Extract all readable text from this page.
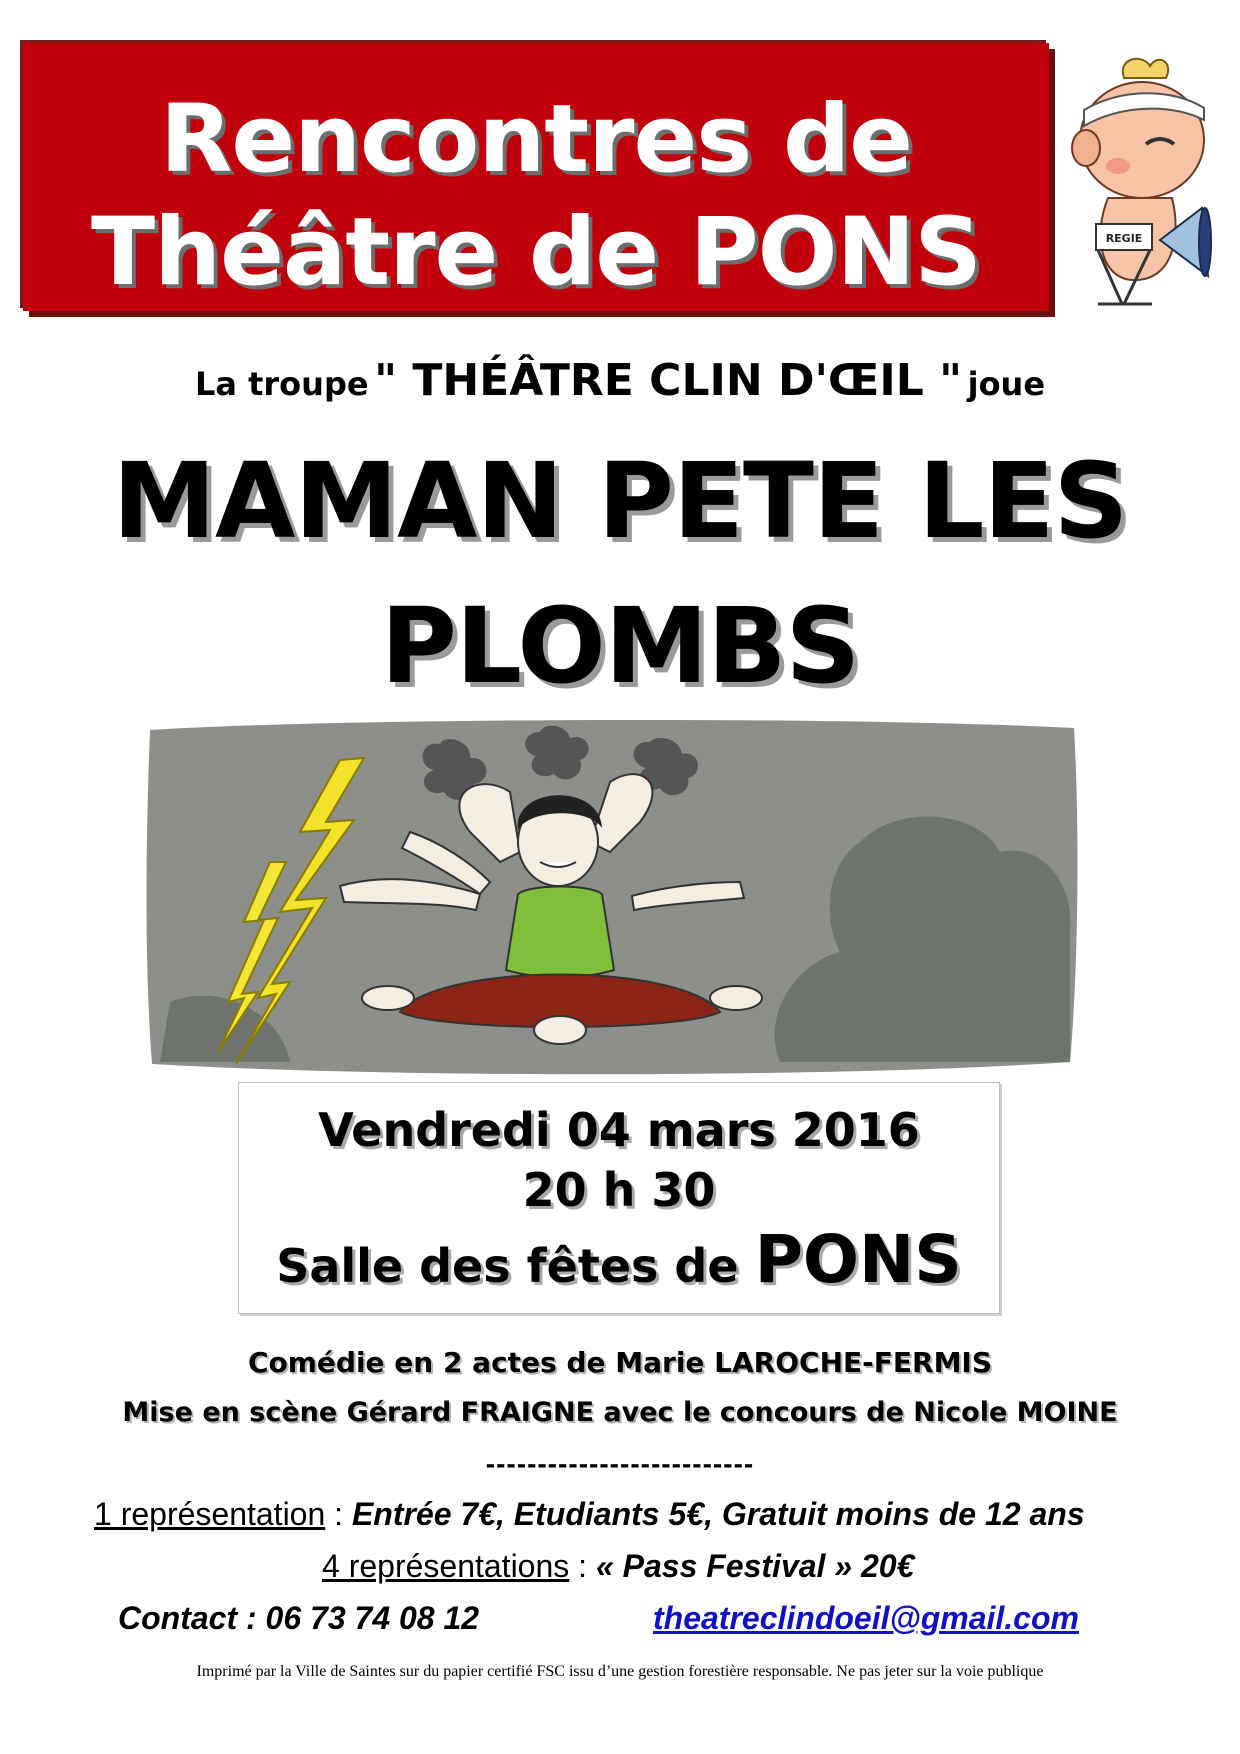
Rencontres de
Théâtre de PONS	REGIE
La troupe " THÉÂTRE CLIN D'ŒIL " joue
MAMAN PETE LES
PLOMBS
Vendredi 04 mars 2016
20 h 30
Salle des fêtes de PONS
Comédie en 2 actes de Marie LAROCHE-FERMIS
Mise en scène Gérard FRAIGNE avec le concours de Nicole MOINE
--------------------------
1 représentation : Entrée 7€, Etudiants 5€, Gratuit moins de 12 ans
4 représentations : « Pass Festival » 20€
Contact : 06 73 74 08 12	theatreclindoeil@gmail.com
Imprimé par la Ville de Saintes sur du papier certifié FSC issu d’une gestion forestière responsable. Ne pas jeter sur la voie publique
